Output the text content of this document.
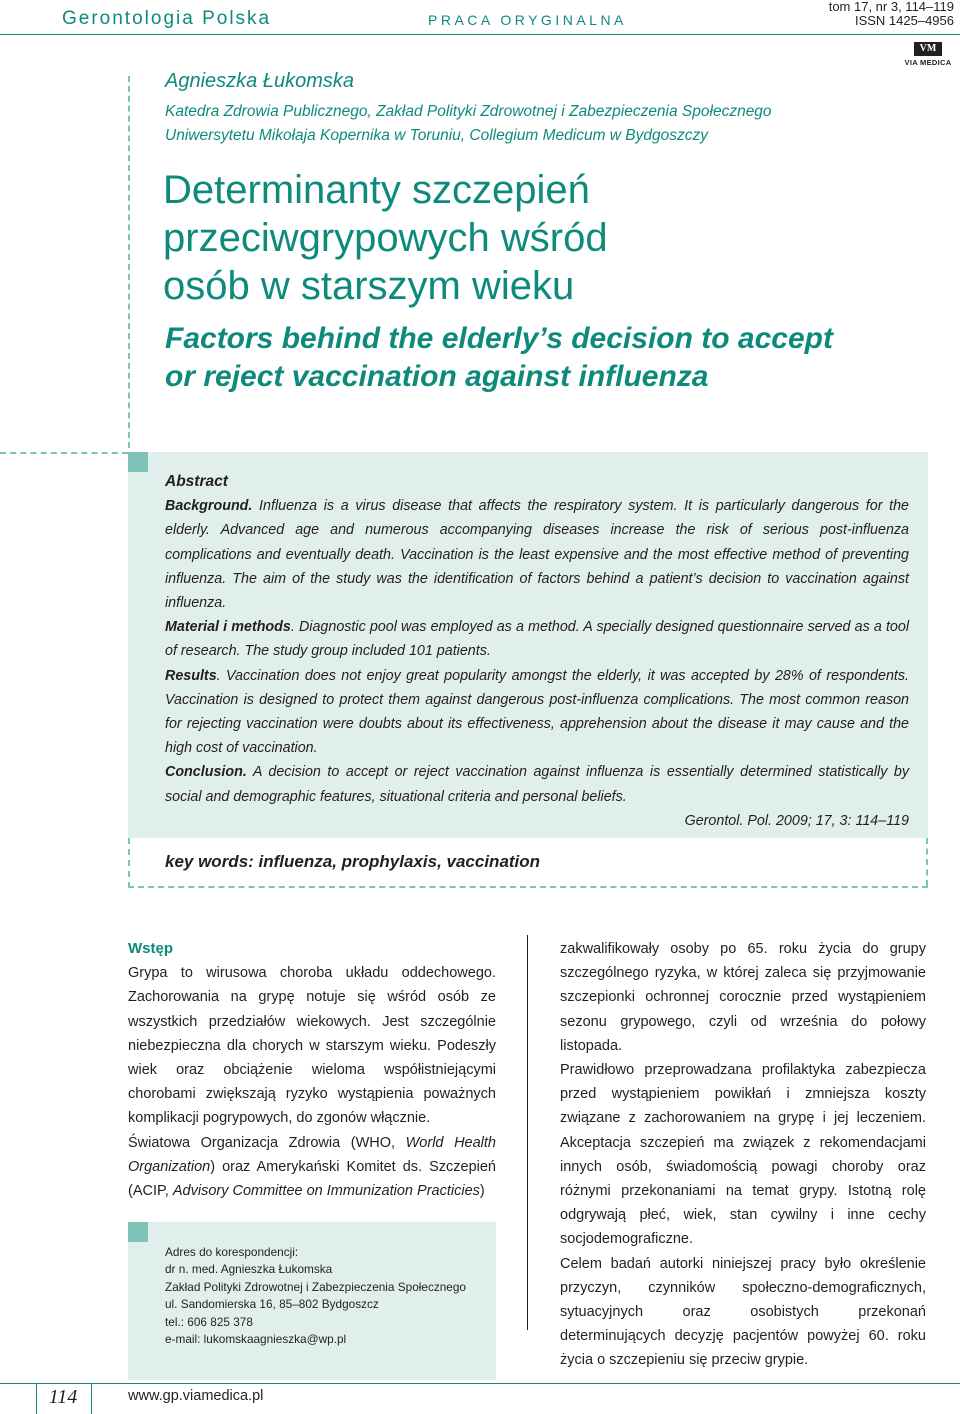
Gerontologia Polska	PRACA ORYGINALNA
tom 17, nr 3, 114–119
ISSN 1425–4956
VM
VIA MEDICA
Agnieszka Łukomska
Katedra Zdrowia Publicznego, Zakład Polityki Zdrowotnej i Zabezpieczenia Społecznego
Uniwersytetu Mikołaja Kopernika w Toruniu, Collegium Medicum w Bydgoszczy
Determinanty szczepień
przeciwgrypowych wśród
osób w starszym wieku
Factors behind the elderly’s decision to accept
or reject vaccination against influenza

Abstract

Background. Influenza is a virus disease that affects the respiratory system. It is particularly dangerous for the elderly. Advanced age and numerous accompanying diseases increase the risk of serious post-influenza complications and eventually death. Vaccination is the least expensive and the most effective method of preventing influenza. The aim of the study was the identification of factors behind a patient’s decision to vaccination against influenza.

Material i methods. Diagnostic pool was employed as a method. A specially designed questionnaire served as a tool of research. The study group included 101 patients.

Results. Vaccination does not enjoy great popularity amongst the elderly, it was accepted by 28% of respondents. Vaccination is designed to protect them against dangerous post-influenza complications. The most common reason for rejecting vaccination were doubts about its effectiveness, apprehension about the disease it may cause and the high cost of vaccination.

Conclusion. A decision to accept or reject vaccination against influenza is essentially determined statistically by social and demographic features, situational criteria and personal beliefs.

Gerontol. Pol. 2009; 17, 3: 114–119

key words: influenza, prophylaxis, vaccination

Wstęp

Grypa to wirusowa choroba układu oddechowego. Zachorowania na grypę notuje się wśród osób ze wszystkich przedziałów wiekowych. Jest szczególnie niebezpieczna dla chorych w starszym wieku. Podeszły wiek oraz obciążenie wieloma współistniejącymi chorobami zwiększają ryzyko wystąpienia poważnych komplikacji pogrypowych, do zgonów włącznie.

Światowa Organizacja Zdrowia (WHO, World Health Organization) oraz Amerykański Komitet ds. Szczepień (ACIP, Advisory Committee on Immunization Practicies)

zakwalifikowały osoby po 65. roku życia do grupy szczególnego ryzyka, w której zaleca się przyjmowanie szczepionki ochronnej corocznie przed wystąpieniem sezonu grypowego, czyli od września do połowy listopada.

Prawidłowo przeprowadzana profilaktyka zabezpiecza przed wystąpieniem powikłań i zmniejsza koszty związane z zachorowaniem na grypę i jej leczeniem. Akceptacja szczepień ma związek z rekomendacjami innych osób, świadomością powagi choroby oraz różnymi przekonaniami na temat grypy. Istotną rolę odgrywają płeć, wiek, stan cywilny i inne cechy socjodemograficzne.

Celem badań autorki niniejszej pracy było określenie przyczyn, czynników społeczno-demograficznych, sytuacyjnych oraz osobistych przekonań determinujących decyzję pacjentów powyżej 60. roku życia o szczepieniu się przeciw grypie.

Adres do korespondencji:
dr n. med. Agnieszka Łukomska
Zakład Polityki Zdrowotnej i Zabezpieczenia Społecznego
ul. Sandomierska 16, 85–802 Bydgoszcz
tel.: 606 825 378
e-mail: lukomskaagnieszka@wp.pl
114	www.gp.viamedica.pl
